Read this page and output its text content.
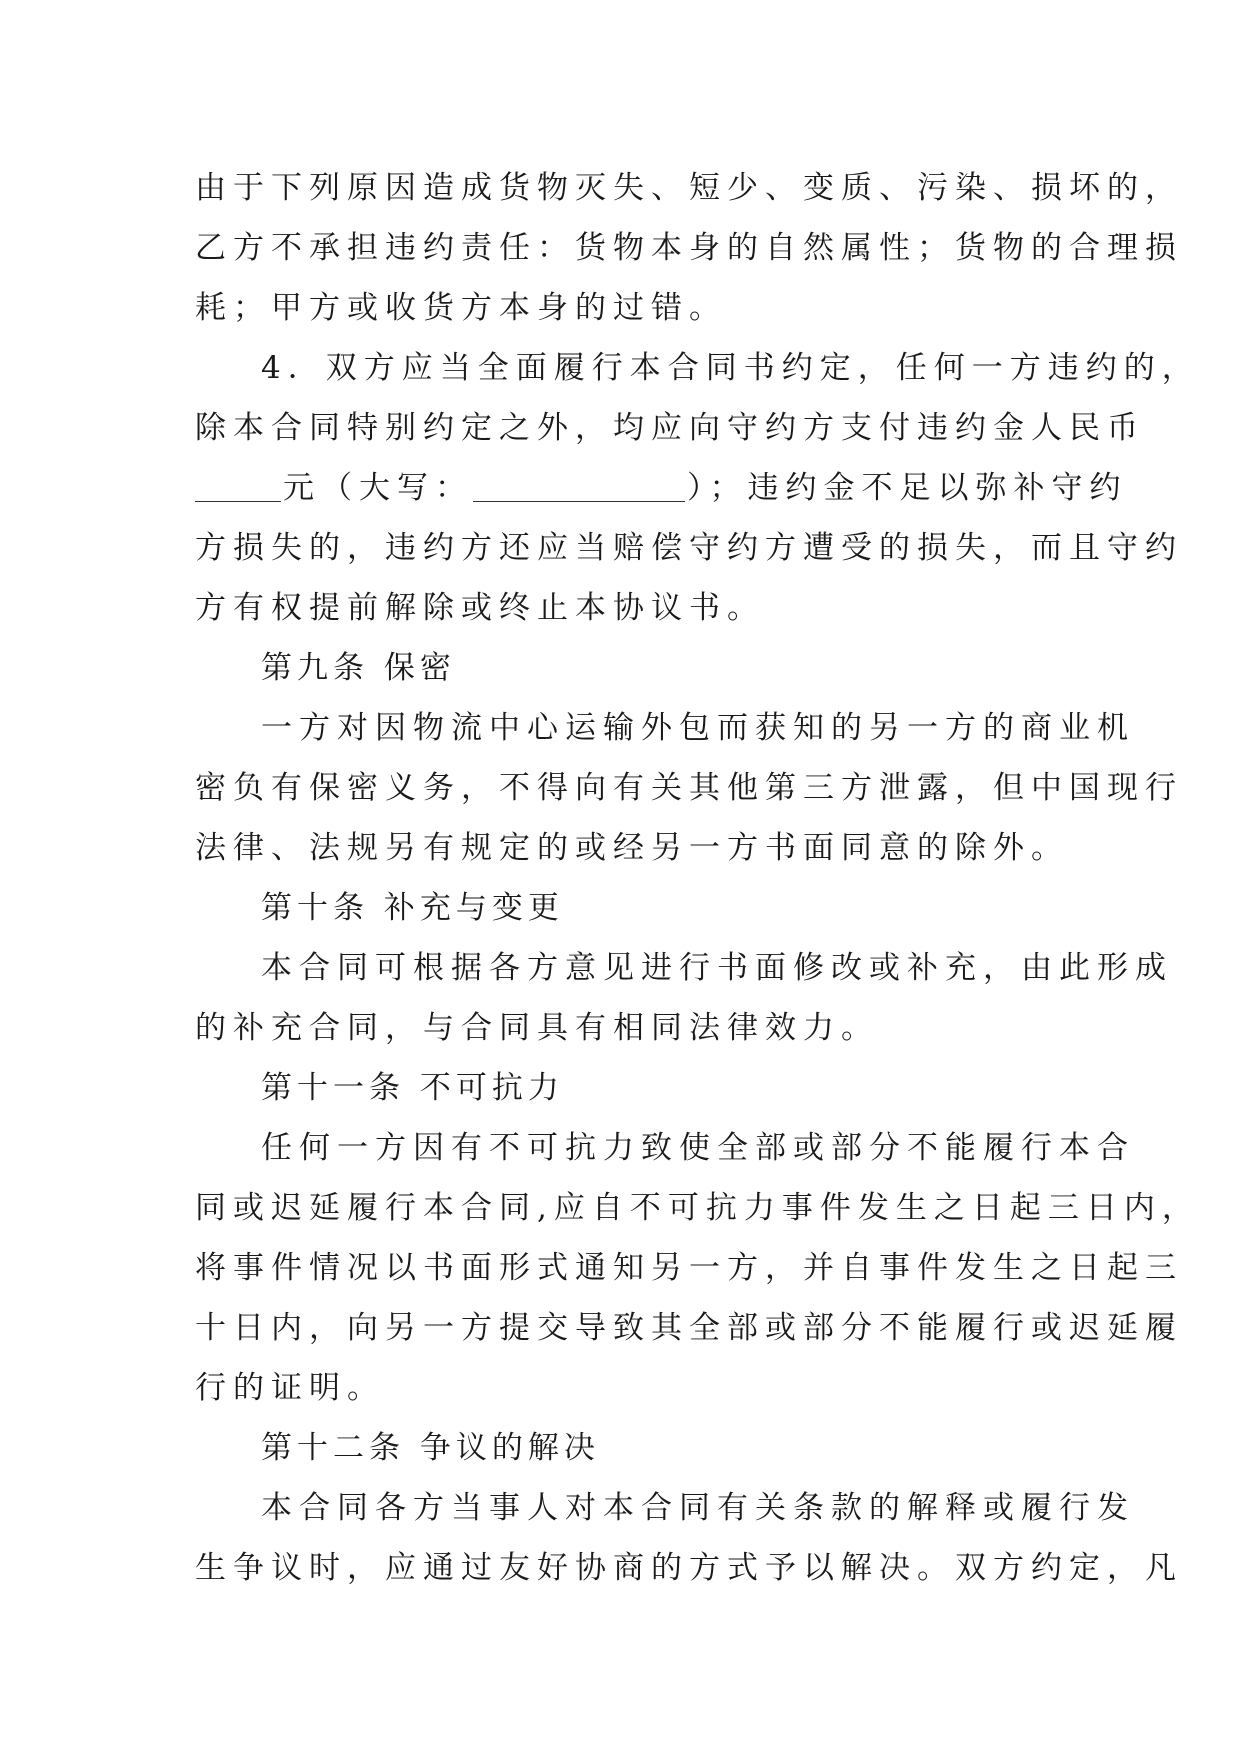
由于下列原因造成货物灭失、短少、变质、污染、损坏的，
乙方不承担违约责任：货物本身的自然属性；货物的合理损
耗；甲方或收货方本身的过错。
4．双方应当全面履行本合同书约定，任何一方违约的，
除本合同特别约定之外，均应向守约方支付违约金人民币
元（大写：	）；违约金不足以弥补守约
方损失的，违约方还应当赔偿守约方遭受的损失，而且守约
方有权提前解除或终止本协议书。
第九条 保密
一方对因物流中心运输外包而获知的另一方的商业机
密负有保密义务，不得向有关其他第三方泄露，但中国现行
法律、法规另有规定的或经另一方书面同意的除外。
第十条 补充与变更
本合同可根据各方意见进行书面修改或补充，由此形成
的补充合同，与合同具有相同法律效力。
第十一条 不可抗力
任何一方因有不可抗力致使全部或部分不能履行本合
同或迟延履行本合同,应自不可抗力事件发生之日起三日内，
将事件情况以书面形式通知另一方，并自事件发生之日起三
十日内，向另一方提交导致其全部或部分不能履行或迟延履
行的证明。
第十二条 争议的解决
本合同各方当事人对本合同有关条款的解释或履行发
生争议时，应通过友好协商的方式予以解决。双方约定，凡
